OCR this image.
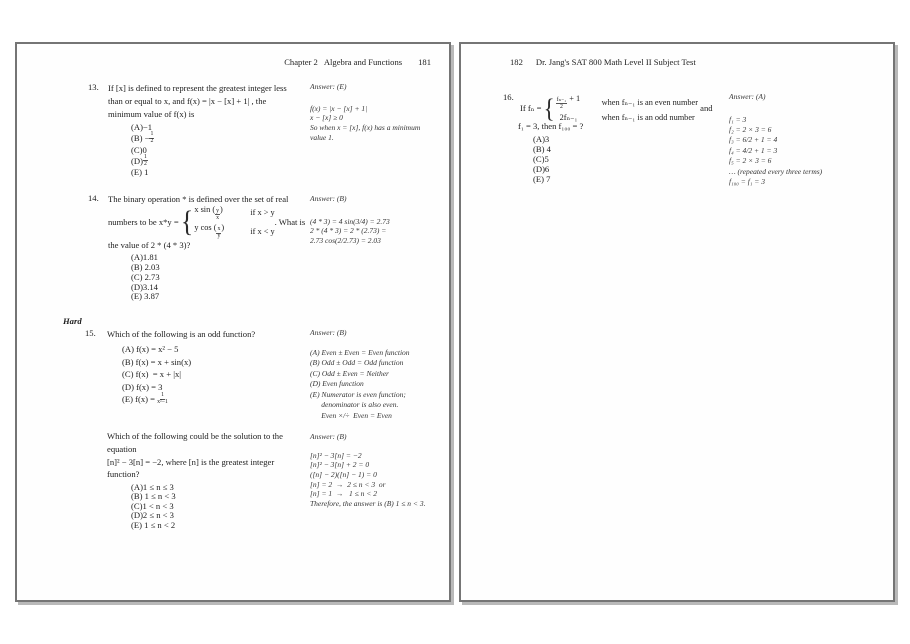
Chapter 2   Algebra and Functions 181
13.	If [x] is defined to represent the greatest integer less
than or equal to x, and f(x) = |x − [x] + 1| , the
minimum value of f(x) is
(A)−1
$(B) - \frac{1}{2}$
(C)0
(D) 1
2
(E) 1
Answer: (E)
f(x) = |x − [x] + 1|
x − [x] ≥ 0
So when x = [x], f(x) has a minimum
value 1.
14.	The binary operation * is defined over the set of real
numbers to be x*y = { x sin ( $\frac{y}{x}$ )	if x > y
y cos ( $\frac{x}{y}$ )	if x < y
. What is
the value of 2 * (4 * 3)?
(A)1.81
(B) 2.03
(C) 2.73
(D)3.14
(E) 3.87
Answer: (B)
(4 * 3) = 4 sin(3/4) = 2.73
2 * (4 * 3) = 2 * (2.73) =
2.73 cos(2/2.73) = 2.03
Hard
15.	Which of the following is an odd function?
(A) f(x) = x² − 5
(B) f(x) = x + sin(x)
(C) f(x)  = x + |x|
(D) f(x) = 3
(E) $f(x) = \frac{1}{\text{x²−1}}$
Answer: (B)
(A) Even ± Even = Even function
(B) Odd ± Odd = Odd function
(C) Odd ± Even = Neither
(D) Even function
(E) Numerator is even function;
denominator is also even.
Even ×/÷  Even = Even
Which of the following could be the solution to the
equation
[n]² − 3[n] = −2, where [n] is the greatest integer
function?
(A)1 ≤ n ≤ 3
(B) 1 ≤ n < 3
(C)1 < n < 3
(D)2 ≤ n < 3
(E) 1 ≤ n < 2
Answer: (B)
[n]² − 3[n] = −2
[n]² − 3[n] + 2 = 0
([n] − 2)([n] − 1) = 0
[n] = 2  →  2 ≤ n < 3  or
[n] = 1  →   1 ≤ n < 2
Therefore, the answer is (B) 1 ≤ n < 3.
182 Dr. Jang's SAT 800 Math Level II Subject Test
16.
If fₙ = { $\frac{\text{fₙ₋₁}}{2} + 1$	when fₙ₋₁ is an even number
2fₙ₋₁	when fₙ₋₁ is an odd number
and
f₁ = 3, then f₁₀₀ = ?
(A)3
(B) 4
(C)5
(D)6
(E) 7
Answer: (A)
f₁ = 3
f₂ = 2 × 3 = 6
f₃ = 6/2 + 1 = 4
f₄ = 4/2 + 1 = 3
f₅ = 2 × 3 = 6
… (repeated every three terms)
f₁₀₀ = f₁ = 3
